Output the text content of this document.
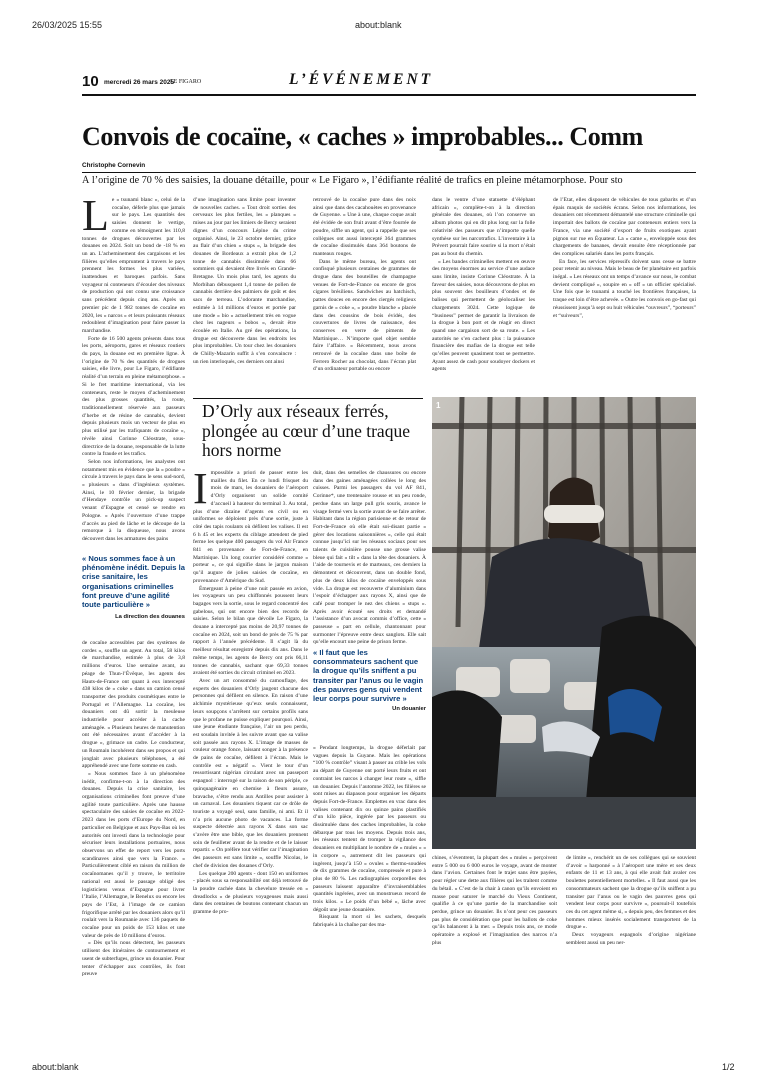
26/03/2025 15:55	about:blank
about:blank	1/2
10 mercredi 26 mars 2025
LE FIGARO	L’ÉVÉNEMENT
Convois de cocaïne, « caches » improbables... Comm
Christophe Cornevin
À l’origine de 70 % des saisies, la douane détaille, pour « Le Figaro », l’édifiante réalité de trafics en pleine métamorphose. Pour sto

Le « tsunami blanc », celui de la cocaïne, déferle plus que jamais sur le pays. Les quantités des saisies donnent le vertige, comme en témoignent les 110,8 tonnes de drogues découvertes par les douanes en 2024. Soit un bond de -18 % en un an. L’acheminement des cargaisons et les filières qu’elles empruntent à travers le pays prennent les formes les plus variées, inattendues et baroques parfois. Sans voyageur ni conteneurs d’écouler des niveaux de production qui ont connu une croissance sans précédent depuis cinq ans. Après un premier pic de 1 982 tonnes de cocaïne en 2020, les « narcos » et leurs puissants réseaux redoublent d’imagination pour faire passer la marchandise.

Forte de 16 500 agents présents dans tous les ports, aéroports, gares et réseaux routiers du pays, la douane est en première ligne. À l’origine de 70 % des quantités de drogues saisies, elle livre, pour Le Figaro, l’édifiante réalité d’un terrain en pleine métamorphose. « Si le fret maritime international, via les conteneurs, reste le moyen d’acheminement des plus grosses quantités, la route, traditionnellement réservée aux passeurs d’herbe et de résine de cannabis, devient depuis plusieurs mois un vecteur de plus en plus utilisé par les trafiquants de cocaïne », révèle ainsi Corinne Cléostrate, sous-directrice de la douane, responsable de la lutte contre la fraude et les trafics.

Selon nos informations, les analystes ont notamment mis en évidence que la « poudre » circule à travers le pays dans le sens sud-nord, « plusieurs » dans d’ingénieux systèmes. Ainsi, le 10 février dernier, la brigade d’Hendaye contrôle un pick-up suspect venant d’Espagne et censé se rendre en Pologne. « Après l’ouverture d’une trappe d’accès au pied de lâche et le découpe de la remorque à la disqueuse, nous avons découvert dans les armatures des pains

d’une imagination sans limite pour inventer de nouvelles caches. » Tout droit sorties des cerveaux les plus fertiles, les « planques » mises au jour par les limiers de Bercy seraient dignes d’un concours Lépine du crime organisé. Ainsi, le 23 octobre dernier, grâce au flair d’un chien « stups », la brigade des douanes de Bordeaux a extrait plus de 1,2 tonne de cannabis dissimulée dans 66 sommiers qui devaient être livrés en Grande-Bretagne. Un mois plus tard, les agents du Morbihan débusquent 1,4 tonne de pollen de cannabis derrière des palmiers de goût et des sacs de terreau. L’odorante marchandise, estimée à 14 millions d’euros et portée par une mode « bio » actuellement très en vogue chez les nageurs « bobos », devait être écoulée en Italie. Au gré des opérations, la drogue est découverte dans les endroits les plus improbables. Un tour chez les douaniers de Chilly-Mazarin suffit à s’en convaincre : un rien interloqués, ces derniers ont ainsi

retrouvé de la cocaïne pure dans des noix ainsi que dans des cacahouètes en provenance de Guyenne. « Une à une, chaque coque avait été évidée de son fruit avant d’être fourrée de poudre, siffle un agent, qui a rappelle que ses collègues ont aussi intercepté 364 grammes de cocaïne dissimulés dans 364 boutons de manteaux rouges.

Dans le même bureau, les agents ont confisqué plusieurs centaines de grammes de drogue dans des bouteilles de champagne venues de Fort-de-France ou encore de gros cigares brésiliens. Sandwiches au hatchisch, pattes douces en encore des ciergés religieux garnis de « coke », « poudre blanche » placée dans des coussins de bois évidés, des couvertures de livres de naissance, des conserves en verre de piments de Martinique… N’importe quel objet semble faire l’affaire. « Récemment, nous avons retrouvé de la cocaïne dans une boîte de Ferrero Rocher au chocolat, dans l’écran plat d’un ordinateur portable ou encore

dans le ventre d’une statuette d’éléphant africain », complète-t-on à la direction générale des douanes, où l’on conserve un album photos qui en dit plus long sur la folle créativité des passeurs que n’importe quelle synthèse sur les narcotrafics. L’inventaire à la Prévert pourrait faire sourire si la mort n’était pas au bout du chemin.

« Les bandes criminelles mettent en œuvre des moyens énormes au service d’une audace sans limite, insiste Corinne Cléostrate. À la faveur des saisies, nous découvrons de plus en plus souvent des bouilleurs d’ondes et de balises qui permettent de géolocaliser les chargements 3024. Cette logique de “business” permet de garantir la livraison de la drogue à bon port et de réagir en direct quand une cargaison sort de sa route. » Les autorités ne s’en cachent plus : la puissance financière des mafias de la drogue est telle qu’elles peuvent quasiment tout se permettre. Ayant assez de cash pour soudoyer dockers et agents

de l’État, elles disposent de véhicules de tous gabarits et d’un épais maquis de sociétés écrans. Selon nos informations, les douaniers ont récemment démantelé une structure criminelle qui importait des ballots de cocaïne par conteneurs entiers vers la France, via une société d’export de fruits exotiques ayant pignon sur rue en Équateur. La « came », enveloppée sous des chargements de bananes, devait ensuite être réceptionnée par des complices salariés dans les ports français.

En face, les services répressifs doivent sans cesse se battre pour retenir au niveau. Mais le beau de fer planétaire est parfois inégal. « Les réseaux ont un temps d’avance sur nous, le combat devient compliqué », soupire en « off » un officier spécialisé. Une fois que le tsunami a touché les frontières françaises, la traque est loin d’être achevée. « Outre les convois en go-fast qui réussissent jusqu’à sept ou huit véhicules “ouvreurs”, “porteurs” et “suiveurs”,

« Nous sommes face à un phénomène inédit. Depuis la crise sanitaire, les organisations criminelles font preuve d’une agilité toute particulière »
La direction des douanes

de cocaïne accessibles par des systèmes de cordes », souffle un agent. Au total, 58 kilos de marchandise, estimée à plus de 3,8 millions d’euros. Une semaine avant, au péage de Thun-l’Évêque, les agents des Hauts-de-France ont quant à eux intercepté 438 kilos de « coke » dans un camion censé transporter des produits cosmétiques entre le Portugal et l’Allemagne. La cocaïne, les douaniers ont dû sortir la meuleuse industrielle pour accéder à la cache aménagée. « Plusieurs heures de manutention ont été nécessaires avant d’accéder à la drogue », grimace un cadre. Le conducteur, un Roumain incohérent dans ses propos et qui jonglait avec plusieurs téléphones, a été appréhendé avec une forte somme en cash.

« Nous sommes face à un phénomène inédit, confirme-t-on à la direction des douanes. Depuis la crise sanitaire, les organisations criminelles font preuve d’une agilité toute particulière. Après une hausse spectaculaire des saisies de cocaïne en 2022-2023 dans les ports d’Europe du Nord, en particulier en Belgique et aux Pays-Bas où les autorités ont investi dans la technologie pour sécuriser leurs installations portuaires, nous observons un effet de report vers les ports scandinaves ainsi que vers la France. » Particulièrement ciblé en raison du million de cocaïnomanes qu’il y trouve, le territoire national est aussi le passage obligé des logisticiens venus d’Espagne pour livrer l’Italie, l’Allemagne, le Benelux ou encore les pays de l’Est, à l’image de ce camion frigorifique arrêté par les douaniers alors qu’il roulait vers la Roumanie avec 136 paquets de cocaïne pour un poids de 153 kilos et une valeur de près de 10 millions d’euros.

« Dès qu’ils nous détectent, les passeurs utilisent des itinéraires de contournement et usent de subterfuges, grince un douanier. Pour tenter d’échapper aux contrôles, ils font preuve

D’Orly aux réseaux ferrés, plongée au cœur d’une traque hors norme

Impossible a priori de passer entre les mailles du filet. En ce lundi frisquet du mois de mars, les douaniers de l’aéroport d’Orly organisent un solide comité d’accueil à hauteur du terminal 3. Au total, plus d’une dizaine d’agents en civil ou en uniformes se déploient près d’une sortie, juste à côté des tapis roulants où défilent les valises. Il est 6 h 45 et les experts du ciblage attendent de pied ferme les quelque 400 passagers du vol Air France 841 en provenance de Fort-de-France, en Martinique. Un long courrier considéré comme « porteur », ce qui signifie dans le jargon maison qu’il augure de jolies saisies de cocaïne, en provenance d’Amérique du Sud.

Émergeant à peine d’une nuit passée en avion, les voyageurs un peu chiffonnés poussent leurs bagages vers la sortie, sous le regard concentré des gabelous, qui ont encore bien des records de saisies. Selon le bilan que dévoile Le Figaro, la douane a intercepté pas moins de 20,97 tonnes de cocaïne en 2024, soit un bond de près de 75 % par rapport à l’année précédente. Il s’agit là du meilleur résultat enregistré depuis dix ans. Dans le même temps, les agents de Bercy ont pris 66,11 tonnes de cannabis, sachant que 69,33 tonnes avaient été sorties du circuit criminel en 2023.

Avec un art consommé du camouflage, des experts des douaniers d’Orly jaugent chacune des personnes qui défilent en silence. En raison d’une alchimie mystérieuse qu’eux seuls connaissent, leurs soupçons s’arrêtent sur certains profils sans que le profane ne puisse expliquer pourquoi. Ainsi, une jeune étudiante française, l’air un peu perdu, est soudain invitée à les suivre avant que sa valise soit passée aux rayons X. L’image de masses de couleur orange fonce, laissant songer à la présence de pains de cocaïne, défilent à l’écran. Mais le contrôle est « négatif ». Vient le tour d’un ressortissant nigérian circulant avec un passeport espagnol : interrogé sur la raison de son périple, ce quinquagénaire en chemise à fleurs assure, bravache, s’être rendu aux Antilles pour assister à un carnaval. Les douaniers tiquent car ce drôle de touriste a voyagé seul, sans famille, ni ami. Et il n’a pris aucune photo de vacances. La forme suspecte détectée aux rayons X dans son sac s’avère être une bible, que les douaniers prennent soin de feuilleter avant de la rendre et de le laisser repartir. « On préfère tout vérifier car l’imagination des passeurs est sans limite », souffle Nicolas, le chef de division des douanes d’Orly.

Les quelque 200 agents - dont 150 en uniformes - placés sous sa responsabilité ont déjà retrouvé de la poudre cachée dans la chevelure tressée en « dreadlocks » de plusieurs voyageuses mais aussi dans des centaines de boutons contenant chacun un gramme de pro-

duit, dans des semelles de chaussures ou encore dans des gaines aménagées collées le long des cuisses. Parmi les passagers du vol AF 841, Corinne*, une trentenaire rousse et un peu ronde, perdue dans un large pull gris souris, avance le visage fermé vers la sortie avant de se faire arrêter. Habitant dans la région parisienne et de retour de Fort-de-France où elle était soi-disant partie « gérer des locations saisonnières », celle qui était connue jusqu’ici sur les réseaux sociaux pour ses talents de cuisinière pousse une grosse valise bleue qui fait « tilt » dans la tête des douaniers. À l’aide de tournevis et de marteaux, ces derniers la démontent et découvrent, dans un double fond, plus de deux kilos de cocaïne enveloppés sous vide. La drogue est recouverte d’aluminium dans l’espoir d’échapper aux rayons X, ainsi que de café pour tromper le nez des chiens « stups ». Après avoir écouté ses droits et demandé l’assistance d’un avocat commis d’office, cette « passeuse » part en cellule, chantonnant pour surmonter l’épreuve entre deux sanglots. Elle sait qu’elle encourt une peine de prison ferme.

« Il faut que les consommateurs sachent que la drogue qu’ils sniffent a pu transiter par l’anus ou le vagin des pauvres gens qui vendent leur corps pour survivre »
Un douanier

« Pendant longtemps, la drogue déferlait par vagues depuis la Guyane. Mais les opérations “100 % contrôle” visant à passer au crible les vols au départ de Guyenne ont porté leurs fruits et ont contraint les narcos à changer leur route », siffle un douanier. Depuis l’automne 2022, les filières se sont mises au diapason pour organiser les départs depuis Fort-de-France. Emplettes en vrac dans des valises contenant dix ou quinze pains plastifiés d’un kilo pièce, ingérée par les passeurs ou dissimulée dans des caches improbables, la coke débarque par tous les moyens. Depuis trois ans, les réseaux tentent de tromper la vigilance des douaniers en multipliant le nombre de « mules » « in corpore », autrement dit les passeurs qui ingèrent, jusqu’à 150 « ovules » thermo-soudées de dix grammes de cocaïne, compressée et pure à plus de 80 %. Les radiographies corporelles des passeurs laissent apparaître d’invraisemblables quantités ingérées, avec un monstrueux record de trois kilos. « Le poids d’un bébé », lâche avec dégoût une jeune douanière.

Risquant la mort si les sachets, desquels fabriqués à la chaîne par des ma-

1

chines, s’éventrent, la plupart des « mules » perçoivent entre 5 000 ou 6 000 euros le voyage, avant de monter dans l’avion. Certaines font le trajet sans être payées, pour régler une dette aux filières qui les traitent comme du bétail. « C’est de la chair à canon qu’ils envoient en masse pour saturer le marché du Vieux Continent, qualifie à ce qu’une partie de la marchandise soit perdue, grince un douanier. Ils n’ont peur ces passeurs pas plus de considération que pour les ballots de coke qu’ils balancent à la mer. » Depuis trois ans, ce mode opératoire a explosé et l’imagination des narcos n’a plus

de limite », renchérit un de ses collègues qui se souvient d’avoir « harponné » à l’aéroport une mère et ses deux enfants de 11 et 13 ans, à qui elle avait fait avaler ces boulettes potentiellement mortelles. « Il faut aussi que les consommateurs sachent que la drogue qu’ils sniffent a pu transiter par l’anus ou le vagin des pauvres gens qui vendent leur corps pour survivre », poursuit-il toutefois ces du cet agent même si, « depuis peu, des femmes et des hommes mieux insérés socialement transportent de la drogue ».

Deux voyageurs espagnols d’origine nigériane semblent aussi un peu ner-
